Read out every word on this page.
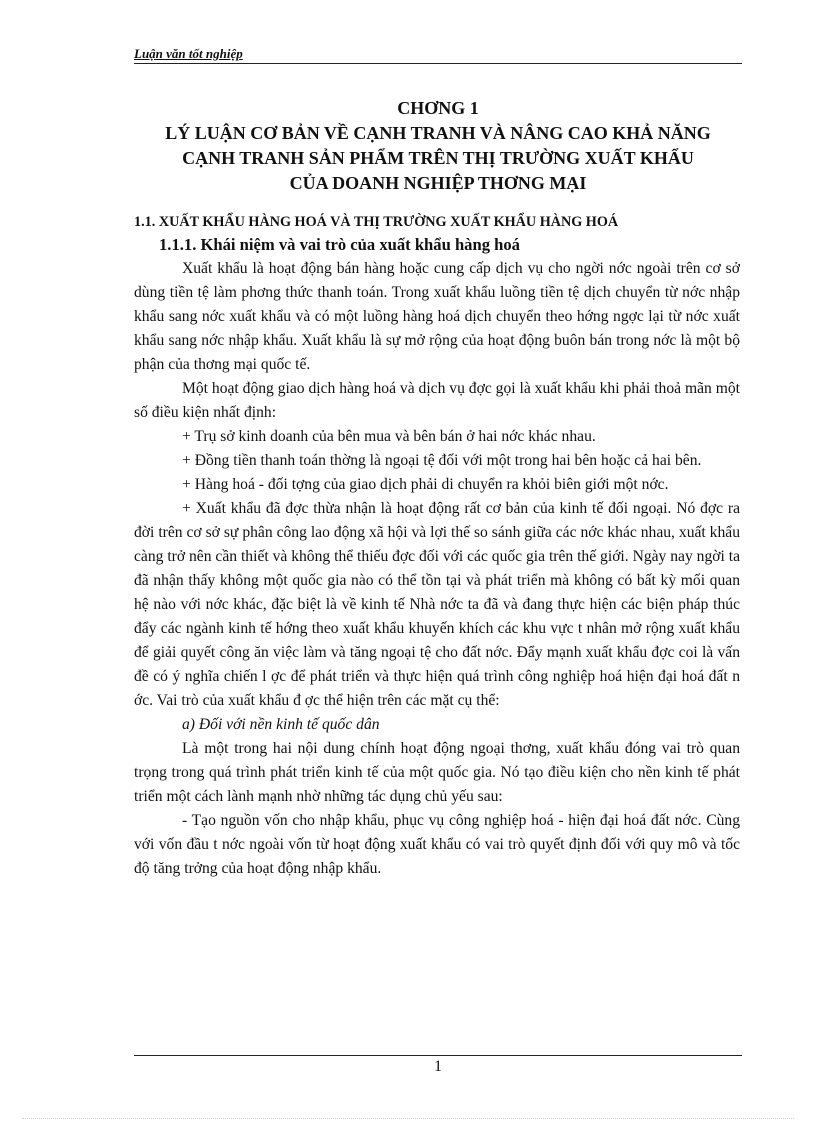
Luận văn tốt nghiệp
CHƠNG 1
LÝ LUẬN CƠ BẢN VỀ CẠNH TRANH VÀ NÂNG CAO KHẢ NĂNG
CẠNH TRANH SẢN PHẨM TRÊN THỊ TRƯỜNG XUẤT KHẨU
CỦA DOANH NGHIỆP THƠNG MẠI

1.1. XUẤT KHẨU HÀNG HOÁ VÀ THỊ TRƯỜNG XUẤT KHẨU HÀNG HOÁ

1.1.1. Khái niệm và vai trò của xuất khẩu hàng hoá

Xuất khẩu là hoạt động bán hàng hoặc cung cấp dịch vụ cho ngời nớc ngoài trên cơ sở dùng tiền tệ làm phơng thức thanh toán. Trong xuất khẩu luồng tiền tệ dịch chuyển từ nớc nhập khẩu sang nớc xuất khẩu và có một luồng hàng hoá dịch chuyển theo hớng ngợc lại từ nớc xuất khẩu sang nớc nhập khẩu. Xuất khẩu là sự mở rộng của hoạt động buôn bán trong nớc là một bộ phận của thơng mại quốc tế.

Một hoạt động giao dịch hàng hoá và dịch vụ đợc gọi là xuất khẩu khi phải thoả mãn một số điều kiện nhất định:

+ Trụ sở kinh doanh của bên mua và bên bán ở hai nớc khác nhau.

+ Đồng tiền thanh toán thờng là ngoại tệ đối với một trong hai bên hoặc cả hai bên.

+ Hàng hoá - đối tợng của giao dịch phải di chuyển ra khỏi biên giới một nớc.

+ Xuất khẩu đã đợc thừa nhận là hoạt động rất cơ bản của kinh tế đối ngoại. Nó đợc ra đời trên cơ sở sự phân công lao động xã hội và lợi thế so sánh giữa các nớc khác nhau, xuất khẩu càng trở nên cần thiết và không thể thiếu đợc đối với các quốc gia trên thế giới. Ngày nay ngời ta đã nhận thấy không một quốc gia nào có thể tồn tại và phát triển mà không có bất kỳ mối quan hệ nào với nớc khác, đặc biệt là về kinh tế Nhà nớc ta đã và đang thực hiện các biện pháp thúc đẩy các ngành kinh tế hớng theo xuất khẩu khuyến khích các khu vực t nhân mở rộng xuất khẩu để giải quyết công ăn việc làm và tăng ngoại tệ cho đất nớc. Đẩy mạnh xuất khẩu đợc coi là vấn đề có ý nghĩa chiến l ợc để phát triển và thực hiện quá trình công nghiệp hoá hiện đại hoá đất n ớc. Vai trò của xuất khẩu đ ợc thể hiện trên các mặt cụ thể:

a) Đối với nền kinh tế quốc dân

Là một trong hai nội dung chính hoạt động ngoại thơng, xuất khẩu đóng vai trò quan trọng trong quá trình phát triển kinh tế của một quốc gia. Nó tạo điều kiện cho nền kinh tế phát triển một cách lành mạnh nhờ những tác dụng chủ yếu sau:

- Tạo nguồn vốn cho nhập khẩu, phục vụ công nghiệp hoá - hiện đại hoá đất nớc. Cùng với vốn đầu t nớc ngoài vốn từ hoạt động xuất khẩu có vai trò quyết định đối với quy mô và tốc độ tăng trởng của hoạt động nhập khẩu.

1
